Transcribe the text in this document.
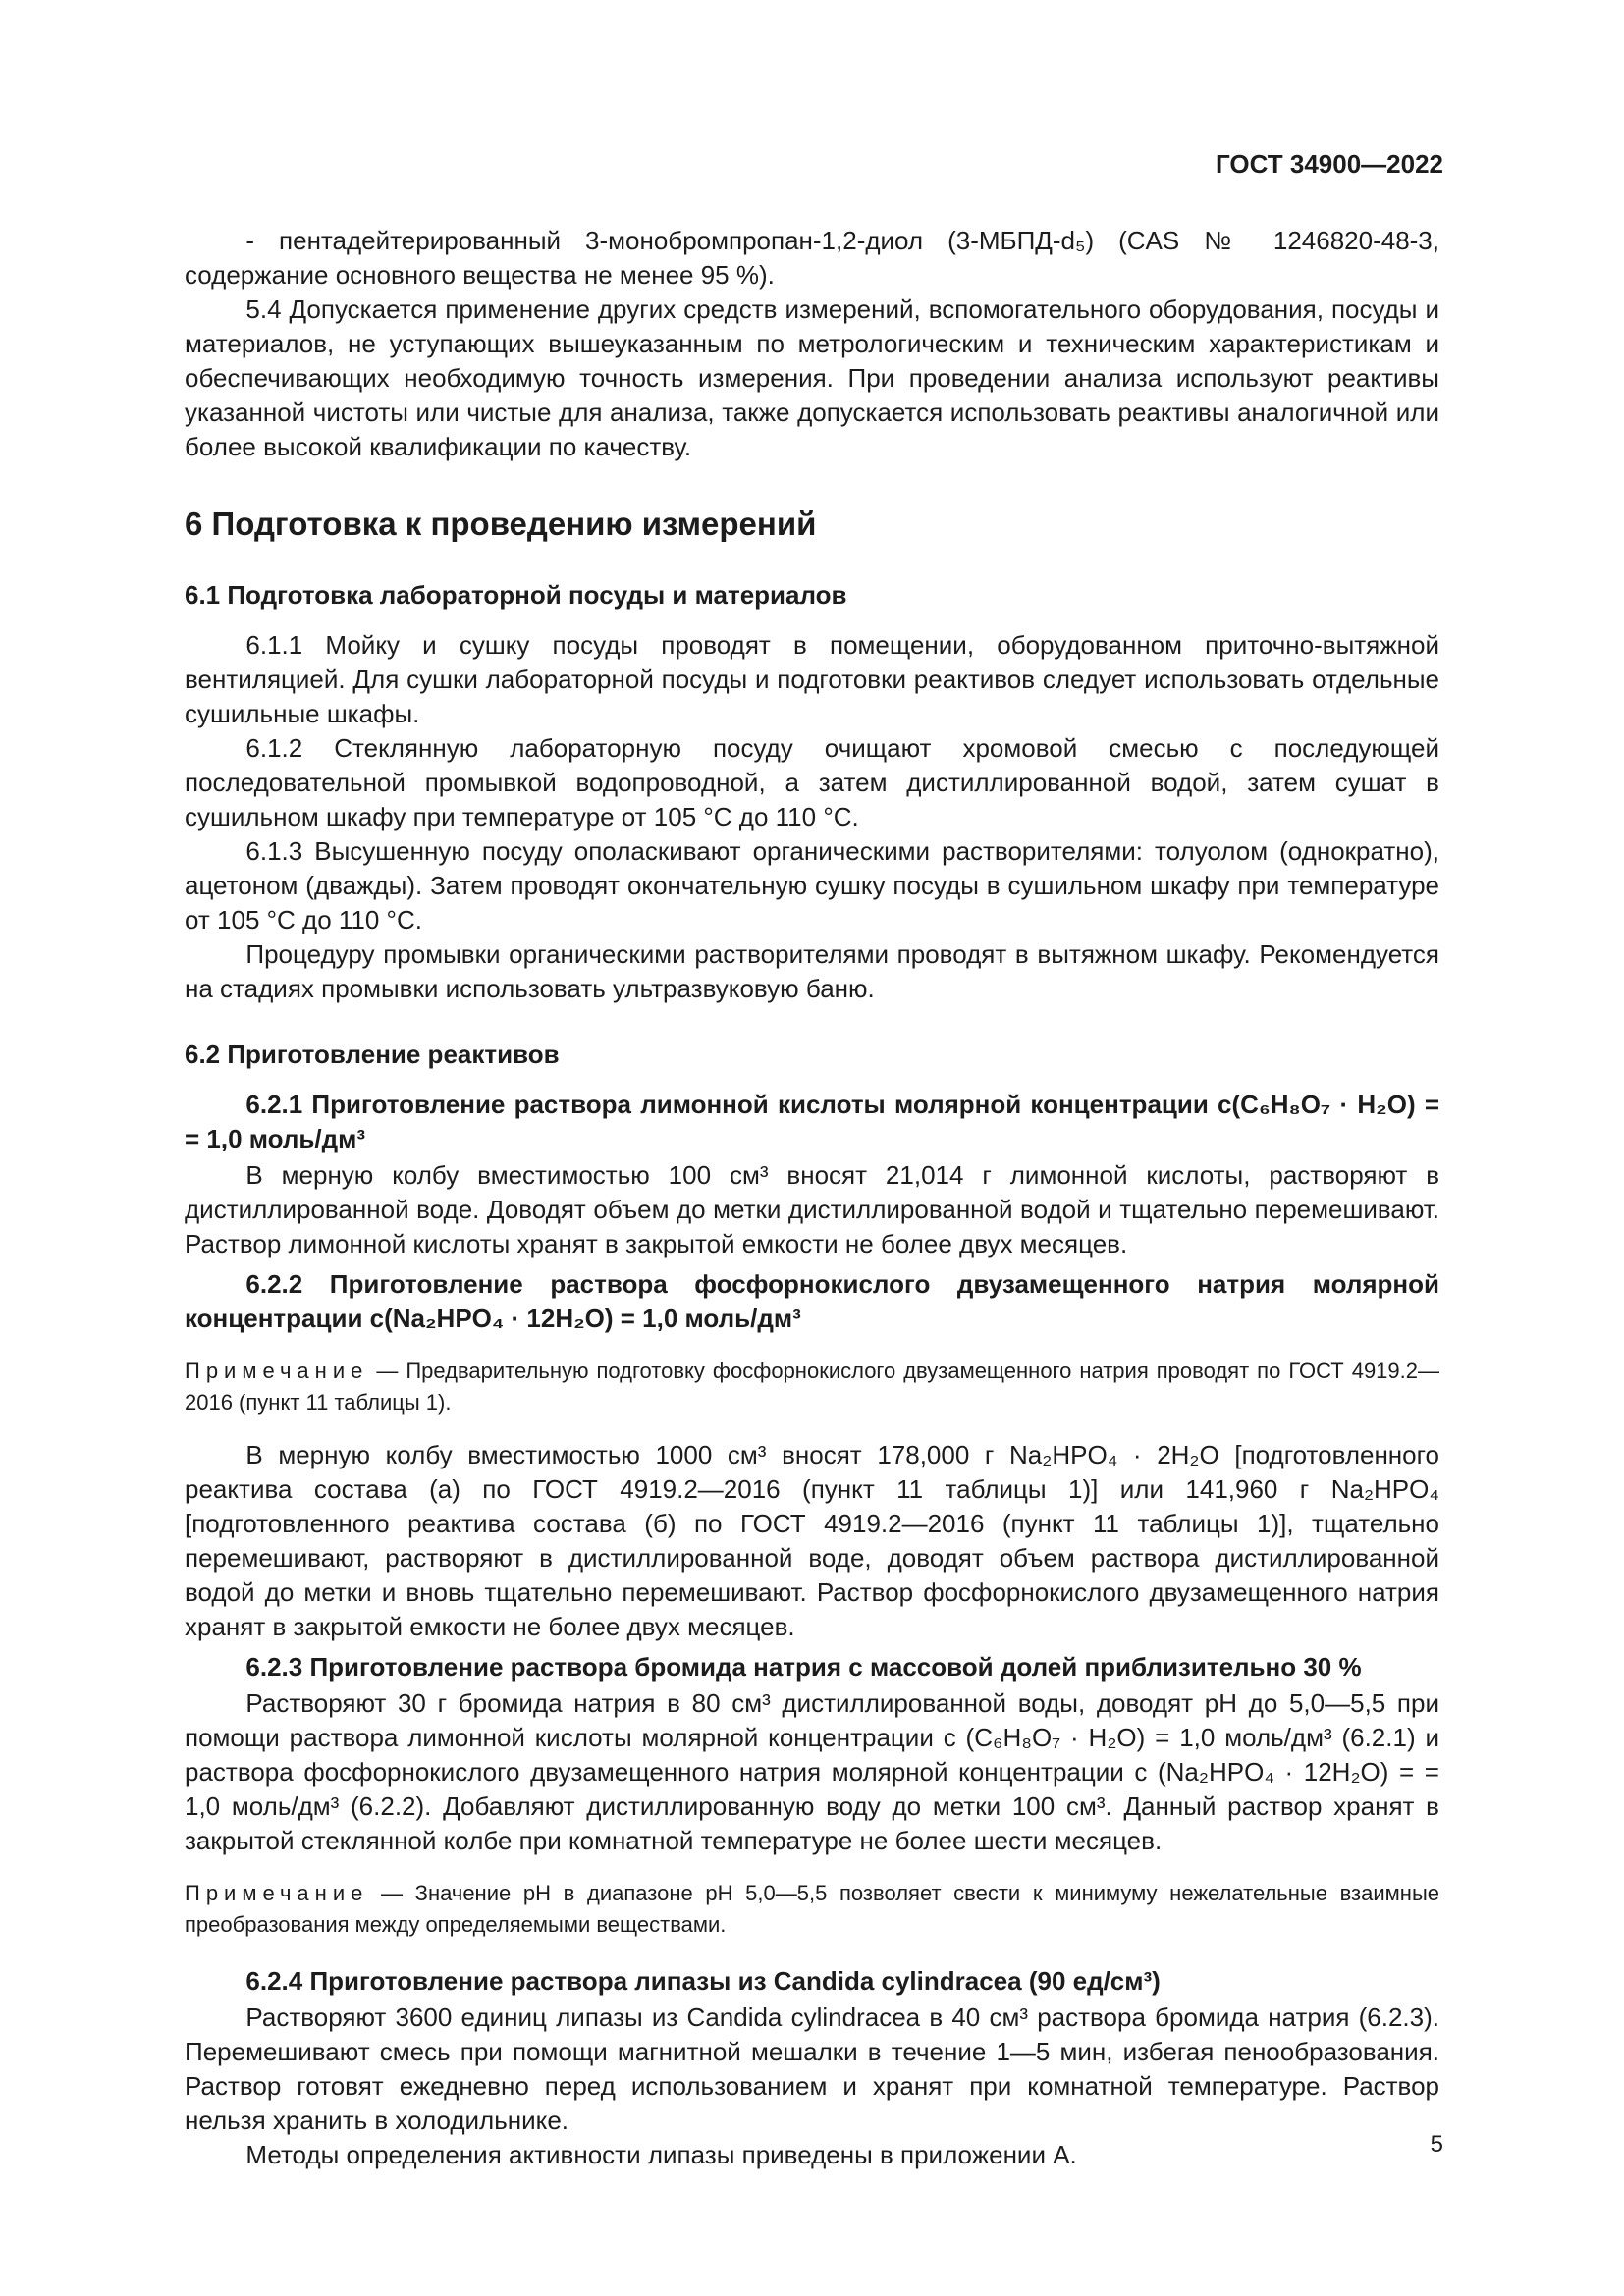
ГОСТ 34900—2022

- пентадейтерированный 3-монобромпропан-1,2-диол (3-МБПД-d₅) (CAS № 1246820-48-3, содержание основного вещества не менее 95 %).

5.4 Допускается применение других средств измерений, вспомогательного оборудования, посуды и материалов, не уступающих вышеуказанным по метрологическим и техническим характеристикам и обеспечивающих необходимую точность измерения. При проведении анализа используют реактивы указанной чистоты или чистые для анализа, также допускается использовать реактивы аналогичной или более высокой квалификации по качеству.

6 Подготовка к проведению измерений
6.1 Подготовка лабораторной посуды и материалов

6.1.1 Мойку и сушку посуды проводят в помещении, оборудованном приточно-вытяжной вентиляцией. Для сушки лабораторной посуды и подготовки реактивов следует использовать отдельные сушильные шкафы.

6.1.2 Стеклянную лабораторную посуду очищают хромовой смесью с последующей последовательной промывкой водопроводной, а затем дистиллированной водой, затем сушат в сушильном шкафу при температуре от 105 °С до 110 °С.

6.1.3 Высушенную посуду ополаскивают органическими растворителями: толуолом (однократно), ацетоном (дважды). Затем проводят окончательную сушку посуды в сушильном шкафу при температуре от 105 °С до 110 °С.

Процедуру промывки органическими растворителями проводят в вытяжном шкафу. Рекомендуется на стадиях промывки использовать ультразвуковую баню.

6.2 Приготовление реактивов
6.2.1 Приготовление раствора лимонной кислоты молярной концентрации c(C₆H₈O₇ · H₂O) = = 1,0 моль/дм³

В мерную колбу вместимостью 100 см³ вносят 21,014 г лимонной кислоты, растворяют в дистиллированной воде. Доводят объем до метки дистиллированной водой и тщательно перемешивают. Раствор лимонной кислоты хранят в закрытой емкости не более двух месяцев.

6.2.2 Приготовление раствора фосфорнокислого двузамещенного натрия молярной концентрации c(Na₂HPO₄ · 12H₂O) = 1,0 моль/дм³
Примечание — Предварительную подготовку фосфорнокислого двузамещенного натрия проводят по ГОСТ 4919.2—2016 (пункт 11 таблицы 1).

В мерную колбу вместимостью 1000 см³ вносят 178,000 г Na₂HPO₄ · 2H₂O [подготовленного реактива состава (а) по ГОСТ 4919.2—2016 (пункт 11 таблицы 1)] или 141,960 г Na₂HPO₄ [подготовленного реактива состава (б) по ГОСТ 4919.2—2016 (пункт 11 таблицы 1)], тщательно перемешивают, растворяют в дистиллированной воде, доводят объем раствора дистиллированной водой до метки и вновь тщательно перемешивают. Раствор фосфорнокислого двузамещенного натрия хранят в закрытой емкости не более двух месяцев.

6.2.3 Приготовление раствора бромида натрия с массовой долей приблизительно 30 %

Растворяют 30 г бромида натрия в 80 см³ дистиллированной воды, доводят pH до 5,0—5,5 при помощи раствора лимонной кислоты молярной концентрации c (C₆H₈O₇ · H₂O) = 1,0 моль/дм³ (6.2.1) и раствора фосфорнокислого двузамещенного натрия молярной концентрации c (Na₂HPO₄ · 12H₂O) = = 1,0 моль/дм³ (6.2.2). Добавляют дистиллированную воду до метки 100 см³. Данный раствор хранят в закрытой стеклянной колбе при комнатной температуре не более шести месяцев.

Примечание — Значение pH в диапазоне pH 5,0—5,5 позволяет свести к минимуму нежелательные взаимные преобразования между определяемыми веществами.
6.2.4 Приготовление раствора липазы из Candida cylindracea (90 ед/см³)

Растворяют 3600 единиц липазы из Candida cylindracea в 40 см³ раствора бромида натрия (6.2.3). Перемешивают смесь при помощи магнитной мешалки в течение 1—5 мин, избегая пенообразования. Раствор готовят ежедневно перед использованием и хранят при комнатной температуре. Раствор нельзя хранить в холодильнике.

Методы определения активности липазы приведены в приложении А.	5
